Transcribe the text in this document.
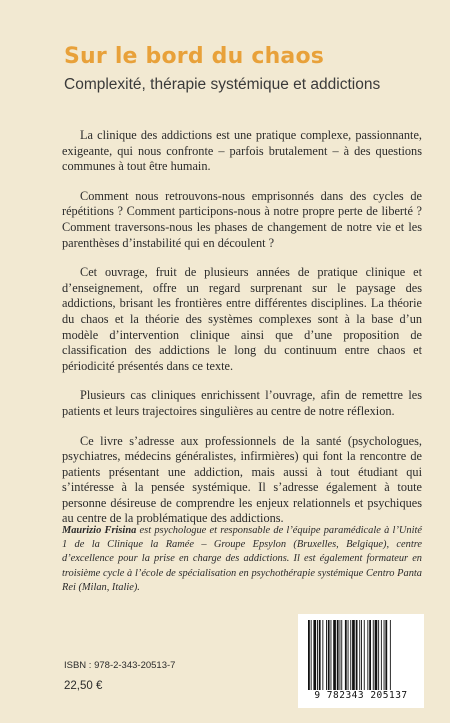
Sur le bord du chaos
Complexité, thérapie systémique et addictions

La clinique des addictions est une pratique complexe, passionnante, exigeante, qui nous confronte – parfois brutalement – à des questions communes à tout être humain.

Comment nous retrouvons-nous emprisonnés dans des cycles de répétitions ? Comment participons-nous à notre propre perte de liberté ? Comment traversons-nous les phases de changement de notre vie et les parenthèses d’instabilité qui en découlent ?

Cet ouvrage, fruit de plusieurs années de pratique clinique et d’enseignement, offre un regard surprenant sur le paysage des addictions, brisant les frontières entre différentes disciplines. La théorie du chaos et la théorie des systèmes complexes sont à la base d’un modèle d’intervention clinique ainsi que d’une proposition de classification des addictions le long du continuum entre chaos et périodicité présentés dans ce texte.

Plusieurs cas cliniques enrichissent l’ouvrage, afin de remettre les patients et leurs trajectoires singulières au centre de notre réflexion.

Ce livre s’adresse aux professionnels de la santé (psychologues, psychiatres, médecins généralistes, infirmières) qui font la rencontre de patients présentant une addiction, mais aussi à tout étudiant qui s’intéresse à la pensée systémique. Il s’adresse également à toute personne désireuse de comprendre les enjeux relationnels et psychiques au centre de la problématique des addictions.

Maurizio Frisina est psychologue et responsable de l’équipe paramédicale à l’Unité 1 de la Clinique la Ramée – Groupe Epsylon (Bruxelles, Belgique), centre d’excellence pour la prise en charge des addictions. Il est également formateur en troisième cycle à l’école de spécialisation en psychothérapie systémique Centro Panta Rei (Milan, Italie).
ISBN : 978-2-343-20513-7
22,50 €
9 782343 205137
